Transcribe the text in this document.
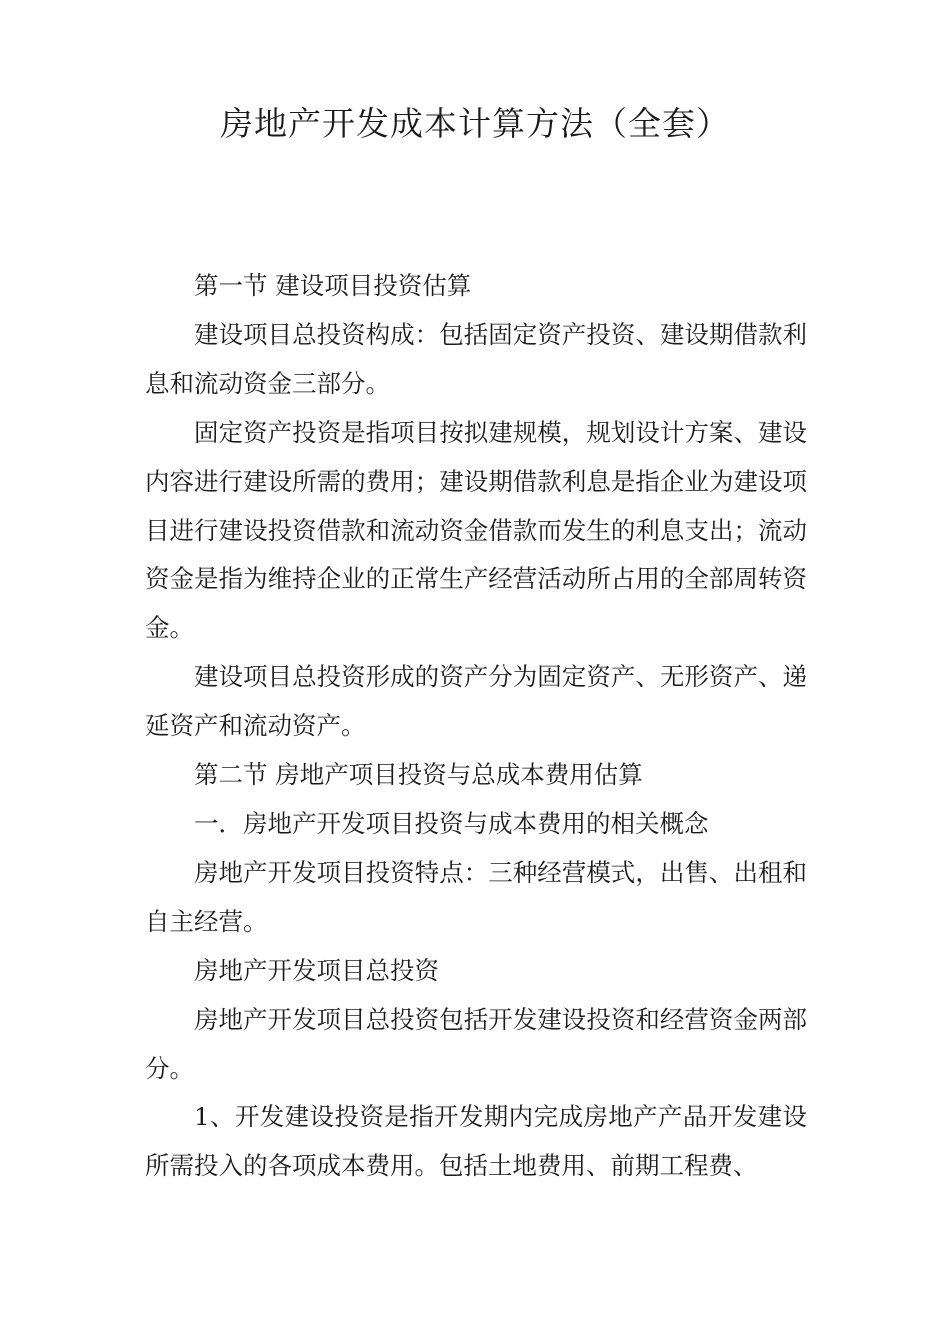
房地产开发成本计算方法（全套）

第一节 建设项目投资估算

建设项目总投资构成：包括固定资产投资、建设期借款利息和流动资金三部分。

固定资产投资是指项目按拟建规模，规划设计方案、建设内容进行建设所需的费用；建设期借款利息是指企业为建设项目进行建设投资借款和流动资金借款而发生的利息支出；流动资金是指为维持企业的正常生产经营活动所占用的全部周转资金。

建设项目总投资形成的资产分为固定资产、无形资产、递延资产和流动资产。

第二节 房地产项目投资与总成本费用估算

一．房地产开发项目投资与成本费用的相关概念

房地产开发项目投资特点：三种经营模式，出售、出租和自主经营。

房地产开发项目总投资

房地产开发项目总投资包括开发建设投资和经营资金两部分。

1、开发建设投资是指开发期内完成房地产产品开发建设所需投入的各项成本费用。包括土地费用、前期工程费、
